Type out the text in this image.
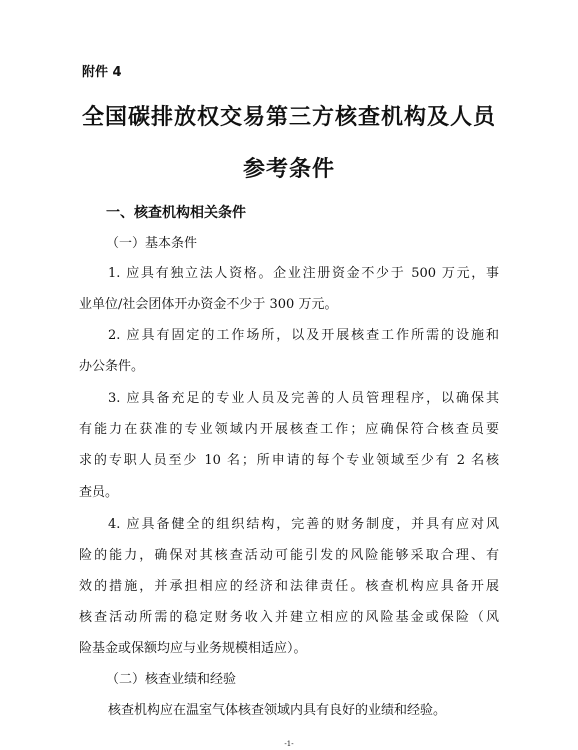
附件 4
全国碳排放权交易第三方核查机构及人员
参考条件
一、核查机构相关条件
（一）基本条件
1. 应具有独立法人资格。企业注册资金不少于 500 万元，事
业单位/社会团体开办资金不少于 300 万元。
2. 应具有固定的工作场所，以及开展核查工作所需的设施和
办公条件。
3. 应具备充足的专业人员及完善的人员管理程序，以确保其
有能力在获准的专业领域内开展核查工作；应确保符合核查员要
求的专职人员至少 10 名；所申请的每个专业领域至少有 2 名核
查员。
4. 应具备健全的组织结构，完善的财务制度，并具有应对风
险的能力，确保对其核查活动可能引发的风险能够采取合理、有
效的措施，并承担相应的经济和法律责任。核查机构应具备开展
核查活动所需的稳定财务收入并建立相应的风险基金或保险（风
险基金或保额均应与业务规模相适应）。
（二）核查业绩和经验
核查机构应在温室气体核查领域内具有良好的业绩和经验。
-1-
